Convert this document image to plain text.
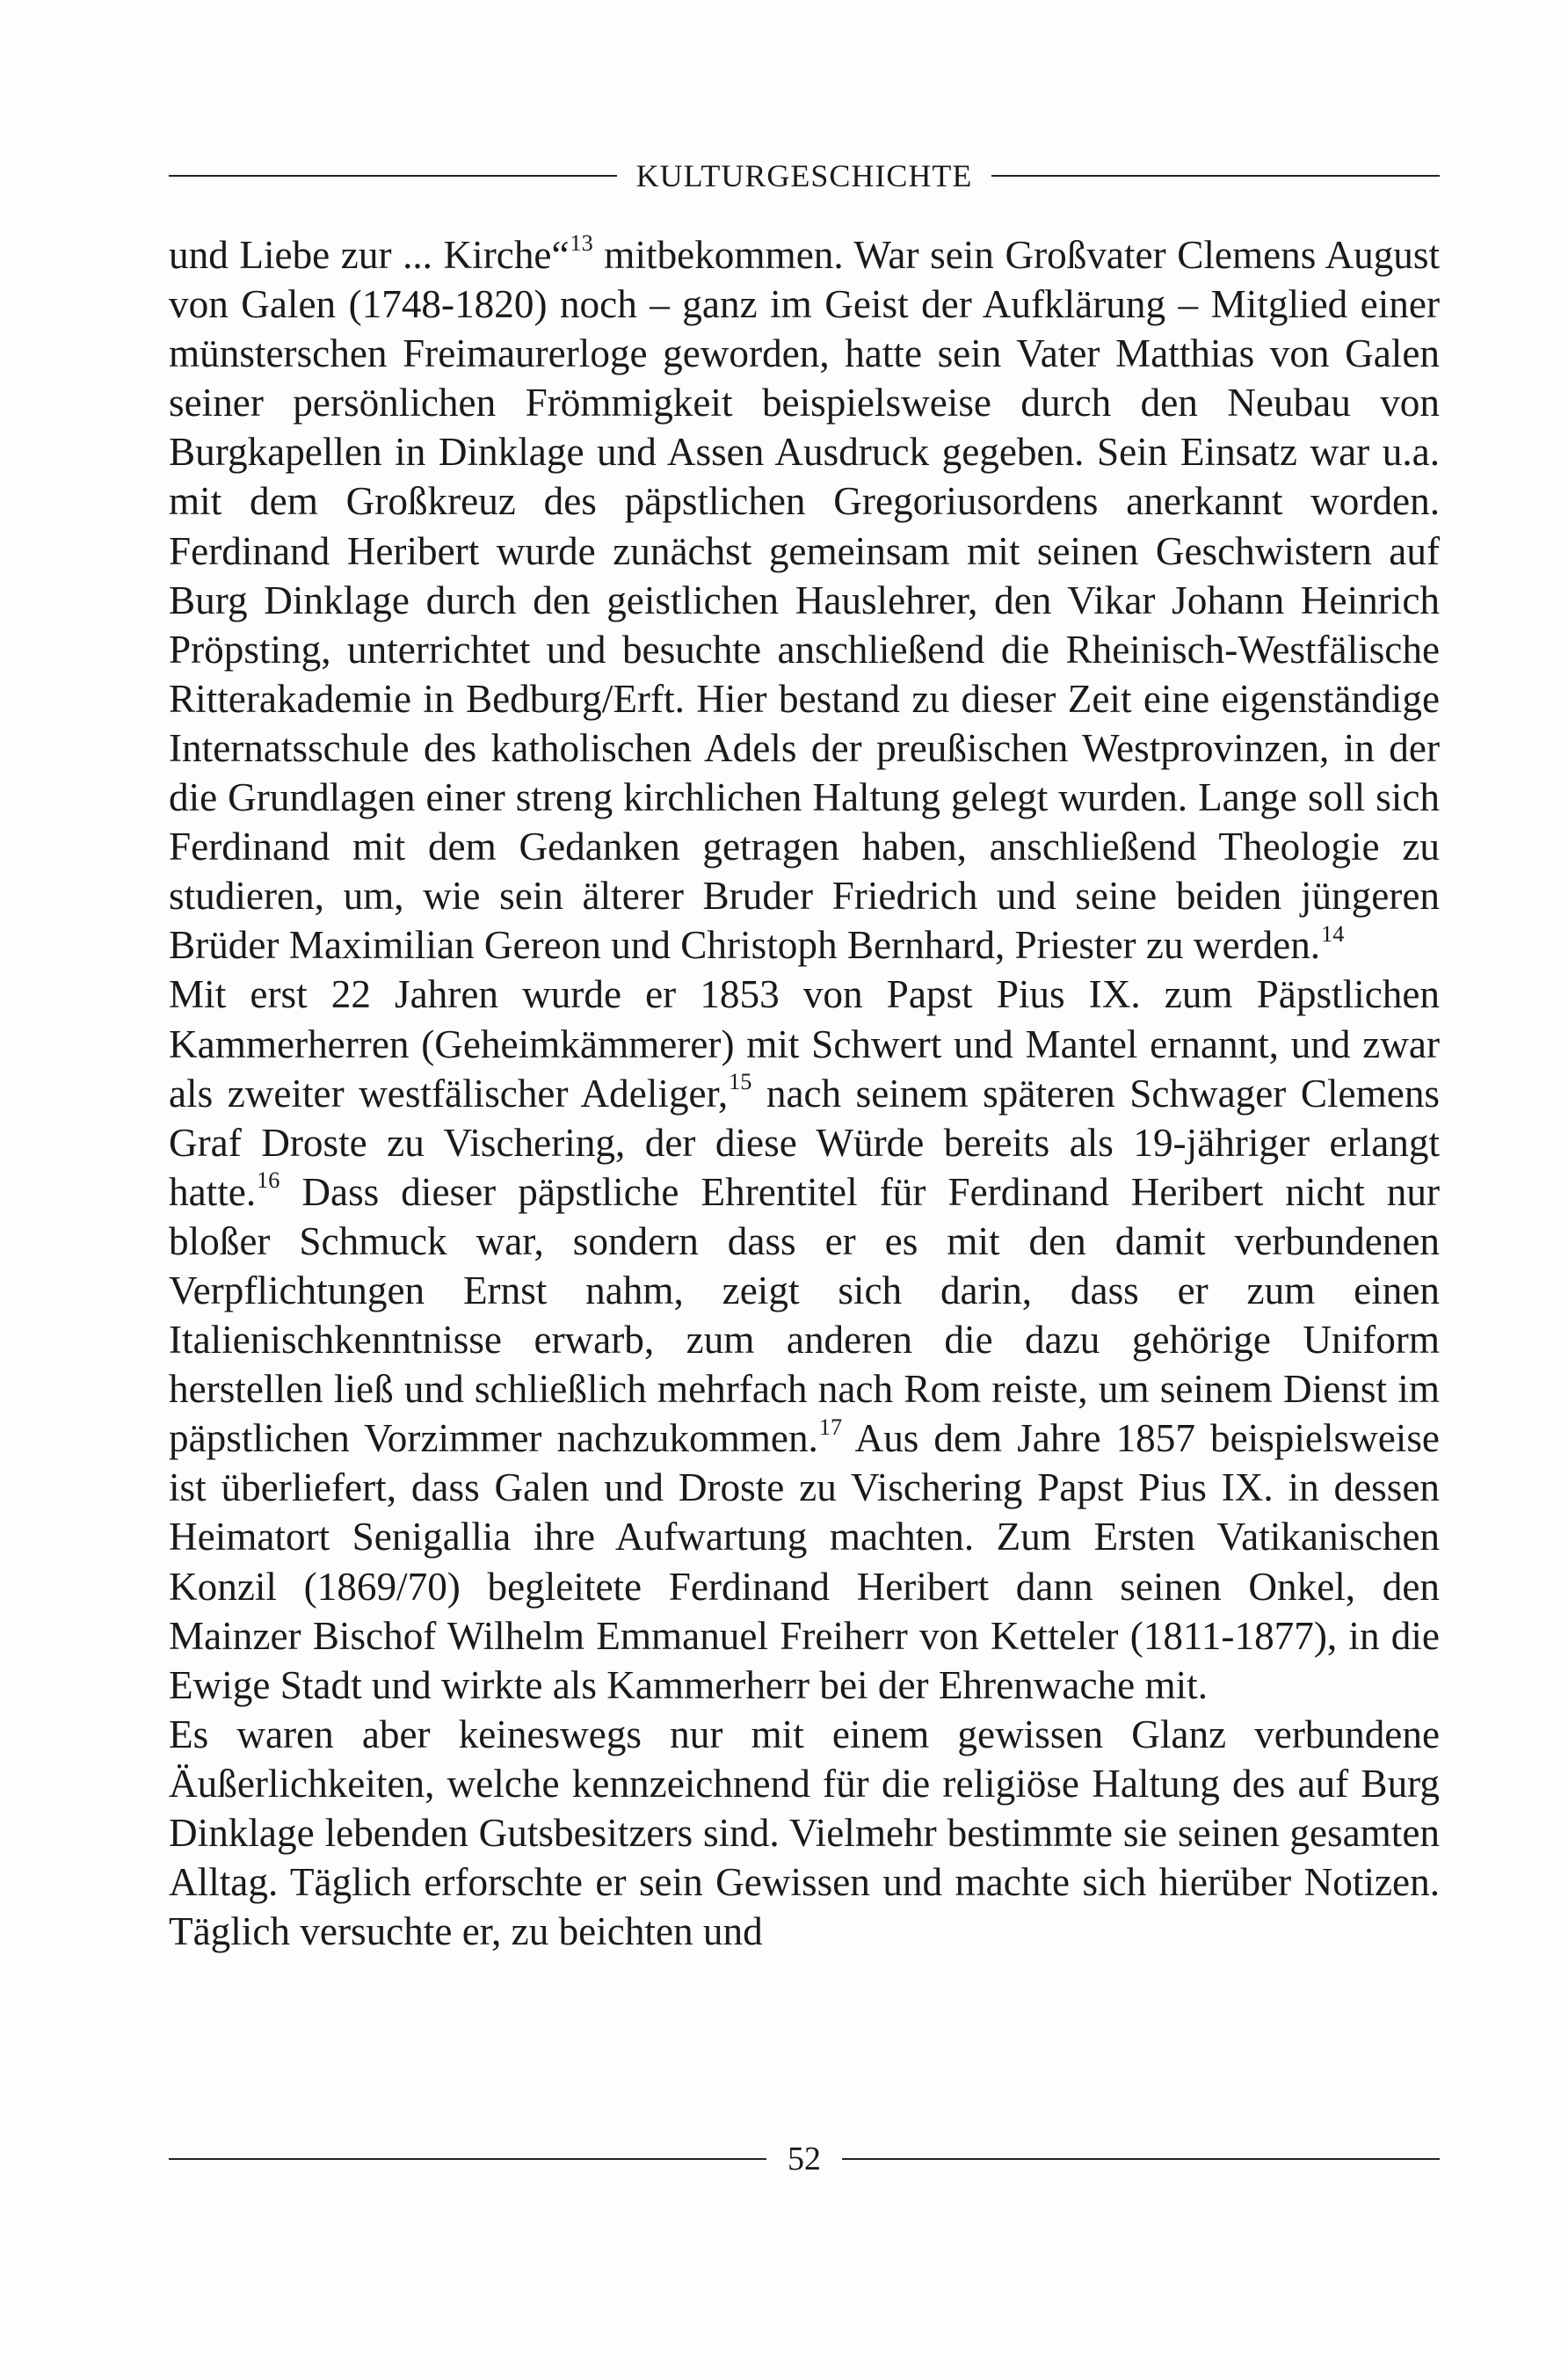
KULTURGESCHICHTE

und Liebe zur ... Kirche“$^{13}$ mitbekommen. War sein Großvater Clemens August von Galen (1748-1820) noch – ganz im Geist der Aufklärung – Mitglied einer münsterschen Freimaurerloge geworden, hatte sein Vater Matthias von Galen seiner persönlichen Frömmigkeit beispielsweise durch den Neubau von Burgkapellen in Dinklage und Assen Ausdruck gegeben. Sein Einsatz war u.a. mit dem Großkreuz des päpstlichen Gregoriusordens anerkannt worden. Ferdinand Heribert wurde zunächst gemeinsam mit seinen Geschwistern auf Burg Dinklage durch den geistlichen Hauslehrer, den Vikar Johann Heinrich Pröpsting, unterrichtet und besuchte anschließend die Rheinisch-Westfälische Ritterakademie in Bedburg/Erft. Hier bestand zu dieser Zeit eine eigenständige Internatsschule des katholischen Adels der preußischen Westprovinzen, in der die Grundlagen einer streng kirchlichen Haltung gelegt wurden. Lange soll sich Ferdinand mit dem Gedanken getragen haben, anschließend Theologie zu studieren, um, wie sein älterer Bruder Friedrich und seine beiden jüngeren Brüder Maximilian Gereon und Christoph Bernhard, Priester zu werden.$^{14}$

Mit erst 22 Jahren wurde er 1853 von Papst Pius IX. zum Päpstlichen Kammerherren (Geheimkämmerer) mit Schwert und Mantel ernannt, und zwar als zweiter westfälischer Adeliger,$^{15}$ nach seinem späteren Schwager Clemens Graf Droste zu Vischering, der diese Würde bereits als 19-jähriger erlangt hatte.$^{16}$ Dass dieser päpstliche Ehrentitel für Ferdinand Heribert nicht nur bloßer Schmuck war, sondern dass er es mit den damit verbundenen Verpflichtungen Ernst nahm, zeigt sich darin, dass er zum einen Italienischkenntnisse erwarb, zum anderen die dazu gehörige Uniform herstellen ließ und schließlich mehrfach nach Rom reiste, um seinem Dienst im päpstlichen Vorzimmer nachzukommen.$^{17}$ Aus dem Jahre 1857 beispielsweise ist überliefert, dass Galen und Droste zu Vischering Papst Pius IX. in dessen Heimatort Senigallia ihre Aufwartung machten. Zum Ersten Vatikanischen Konzil (1869/70) begleitete Ferdinand Heribert dann seinen Onkel, den Mainzer Bischof Wilhelm Emmanuel Freiherr von Ketteler (1811-1877), in die Ewige Stadt und wirkte als Kammerherr bei der Ehrenwache mit.

Es waren aber keineswegs nur mit einem gewissen Glanz verbundene Äußerlichkeiten, welche kennzeichnend für die religiöse Haltung des auf Burg Dinklage lebenden Gutsbesitzers sind. Vielmehr bestimmte sie seinen gesamten Alltag. Täglich erforschte er sein Gewissen und machte sich hierüber Notizen. Täglich versuchte er, zu beichten und

52
